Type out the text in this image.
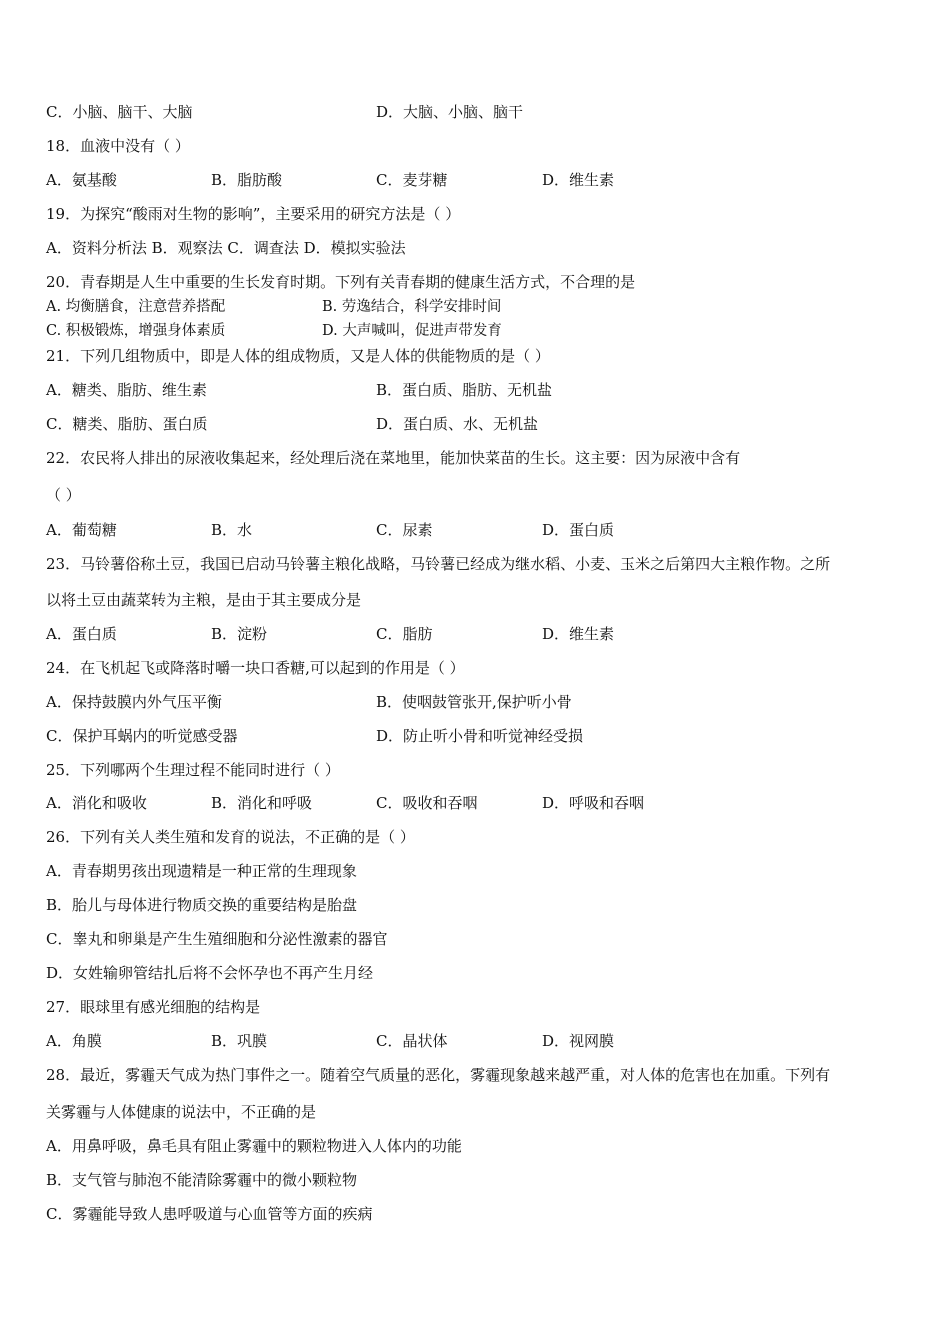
C．小脑、脑干、大脑	D．大脑、小脑、脑干
18．血液中没有（ ）
A．氨基酸	B．脂肪酸	C．麦芽糖	D．维生素
19．为探究“酸雨对生物的影响”，主要采用的研究方法是（ ）
A．资料分析法 B．观察法 C．调查法 D．模拟实验法
20．青春期是人生中重要的生长发育时期。下列有关青春期的健康生活方式，不合理的是
A. 均衡膳食，注意营养搭配	B. 劳逸结合，科学安排时间
C. 积极锻炼，增强身体素质	D. 大声喊叫，促进声带发育
21．下列几组物质中，即是人体的组成物质，又是人体的供能物质的是（ ）
A．糖类、脂肪、维生素	B．蛋白质、脂肪、无机盐
C．糖类、脂肪、蛋白质	D．蛋白质、水、无机盐
22．农民将人排出的尿液收集起来，经处理后浇在菜地里，能加快菜苗的生长。这主要：因为尿液中含有
（ ）
A．葡萄糖	B．水	C．尿素	D．蛋白质
23．马铃薯俗称土豆，我国已启动马铃薯主粮化战略，马铃薯已经成为继水稻、小麦、玉米之后第四大主粮作物。之所
以将土豆由蔬菜转为主粮，是由于其主要成分是
A．蛋白质	B．淀粉	C．脂肪	D．维生素
24．在飞机起飞或降落时嚼一块口香糖,可以起到的作用是（ ）
A．保持鼓膜内外气压平衡	B．使咽鼓管张开,保护听小骨
C．保护耳蜗内的听觉感受器	D．防止听小骨和听觉神经受损
25．下列哪两个生理过程不能同时进行（ ）
A．消化和吸收	B．消化和呼吸	C．吸收和吞咽	D．呼吸和吞咽
26．下列有关人类生殖和发育的说法，不正确的是（ ）
A．青春期男孩出现遗精是一种正常的生理现象
B．胎儿与母体进行物质交换的重要结构是胎盘
C．睾丸和卵巢是产生生殖细胞和分泌性激素的器官
D．女姓输卵管结扎后将不会怀孕也不再产生月经
27．眼球里有感光细胞的结构是
A．角膜	B．巩膜	C．晶状体	D．视网膜
28．最近，雾霾天气成为热门事件之一。随着空气质量的恶化，雾霾现象越来越严重，对人体的危害也在加重。下列有
关雾霾与人体健康的说法中，不正确的是
A．用鼻呼吸，鼻毛具有阻止雾霾中的颗粒物进入人体内的功能
B．支气管与肺泡不能清除雾霾中的微小颗粒物
C．雾霾能导致人患呼吸道与心血管等方面的疾病
